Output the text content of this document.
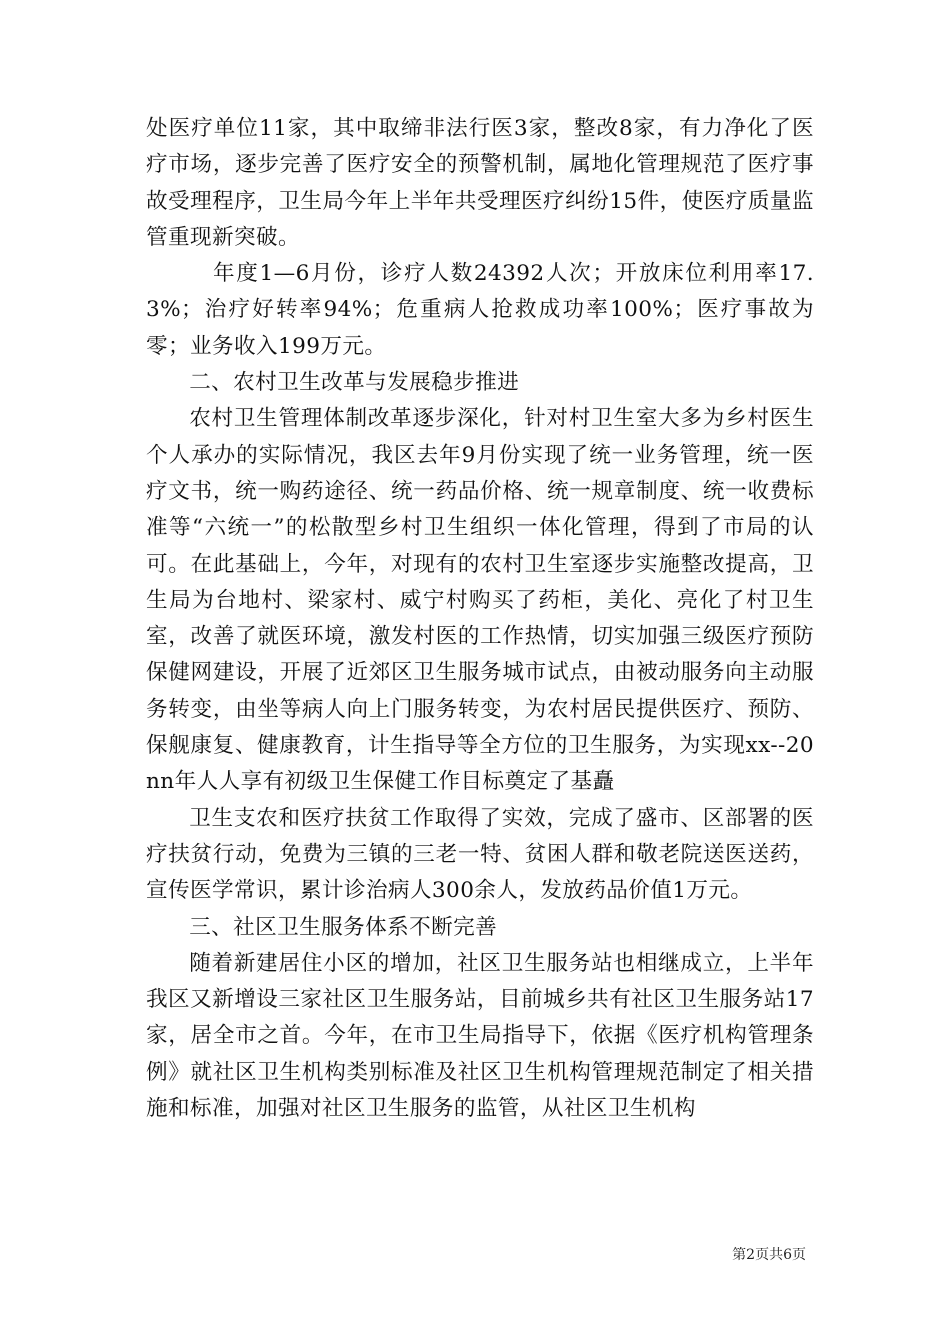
处医疗单位11家，其中取缔非法行医3家，整改8家，有力净化了医疗市场，逐步完善了医疗安全的预警机制，属地化管理规范了医疗事故受理程序，卫生局今年上半年共受理医疗纠纷15件，使医疗质量监管重现新突破。

年度1—6月份，诊疗人数24392人次；开放床位利用率17.3%；治疗好转率94%；危重病人抢救成功率100%；医疗事故为零；业务收入199万元。

二、农村卫生改革与发展稳步推进

农村卫生管理体制改革逐步深化，针对村卫生室大多为乡村医生个人承办的实际情况，我区去年9月份实现了统一业务管理，统一医疗文书，统一购药途径、统一药品价格、统一规章制度、统一收费标准等“六统一”的松散型乡村卫生组织一体化管理，得到了市局的认可。在此基础上，今年，对现有的农村卫生室逐步实施整改提高，卫生局为台地村、梁家村、威宁村购买了药柜，美化、亮化了村卫生室，改善了就医环境，激发村医的工作热情，切实加强三级医疗预防保健网建设，开展了近郊区卫生服务城市试点，由被动服务向主动服务转变，由坐等病人向上门服务转变，为农村居民提供医疗、预防、保舰康复、健康教育，计生指导等全方位的卫生服务，为实现xx--20nn年人人享有初级卫生保健工作目标奠定了基矗

卫生支农和医疗扶贫工作取得了实效，完成了盛市、区部署的医疗扶贫行动，免费为三镇的三老一特、贫困人群和敬老院送医送药，宣传医学常识，累计诊治病人300余人，发放药品价值1万元。

三、社区卫生服务体系不断完善

随着新建居住小区的增加，社区卫生服务站也相继成立，上半年我区又新增设三家社区卫生服务站，目前城乡共有社区卫生服务站17家，居全市之首。今年，在市卫生局指导下，依据《医疗机构管理条例》就社区卫生机构类别标准及社区卫生机构管理规范制定了相关措施和标准，加强对社区卫生服务的监管，从社区卫生机构

第2页共6页
